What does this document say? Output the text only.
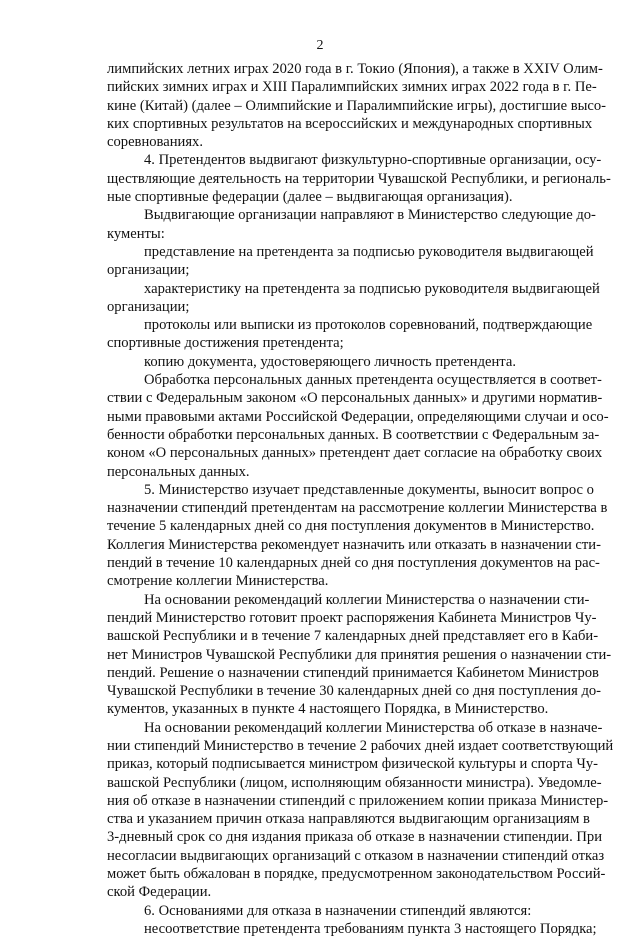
2
лимпийских летних играх 2020 года в г. Токио (Япония), а также в XXIV Олим-
пийских зимних играх и XIII Паралимпийских зимних играх 2022 года в г. Пе-
кине (Китай) (далее – Олимпийские и Паралимпийские игры), достигшие высо-
ких спортивных результатов на всероссийских и международных спортивных
соревнованиях.
4. Претендентов выдвигают физкультурно-спортивные организации, осу-
ществляющие деятельность на территории Чувашской Республики, и региональ-
ные спортивные федерации (далее – выдвигающая организация).
Выдвигающие организации направляют в Министерство следующие до-
кументы:
представление на претендента за подписью руководителя выдвигающей
организации;
характеристику на претендента за подписью руководителя выдвигающей
организации;
протоколы или выписки из протоколов соревнований, подтверждающие
спортивные достижения претендента;
копию документа, удостоверяющего личность претендента.
Обработка персональных данных претендента осуществляется в соответ-
ствии с Федеральным законом «О персональных данных» и другими норматив-
ными правовыми актами Российской Федерации, определяющими случаи и осо-
бенности обработки персональных данных. В соответствии с Федеральным за-
коном «О персональных данных» претендент дает согласие на обработку своих
персональных данных.
5. Министерство изучает представленные документы, выносит вопрос о
назначении стипендий претендентам на рассмотрение коллегии Министерства в
течение 5 календарных дней со дня поступления документов в Министерство.
Коллегия Министерства рекомендует назначить или отказать в назначении сти-
пендий в течение 10 календарных дней со дня поступления документов на рас-
смотрение коллегии Министерства.
На основании рекомендаций коллегии Министерства о назначении сти-
пендий Министерство готовит проект распоряжения Кабинета Министров Чу-
вашской Республики и в течение 7 календарных дней представляет его в Каби-
нет Министров Чувашской Республики для принятия решения о назначении сти-
пендий. Решение о назначении стипендий принимается Кабинетом Министров
Чувашской Республики в течение 30 календарных дней со дня поступления до-
кументов, указанных в пункте 4 настоящего Порядка, в Министерство.
На основании рекомендаций коллегии Министерства об отказе в назначе-
нии стипендий Министерство в течение 2 рабочих дней издает соответствующий
приказ, который подписывается министром физической культуры и спорта Чу-
вашской Республики (лицом, исполняющим обязанности министра). Уведомле-
ния об отказе в назначении стипендий с приложением копии приказа Министер-
ства и указанием причин отказа направляются выдвигающим организациям в
3-дневный срок со дня издания приказа об отказе в назначении стипендии. При
несогласии выдвигающих организаций с отказом в назначении стипендий отказ
может быть обжалован в порядке, предусмотренном законодательством Россий-
ской Федерации.
6. Основаниями для отказа в назначении стипендий являются:
несоответствие претендента требованиям пункта 3 настоящего Порядка;
